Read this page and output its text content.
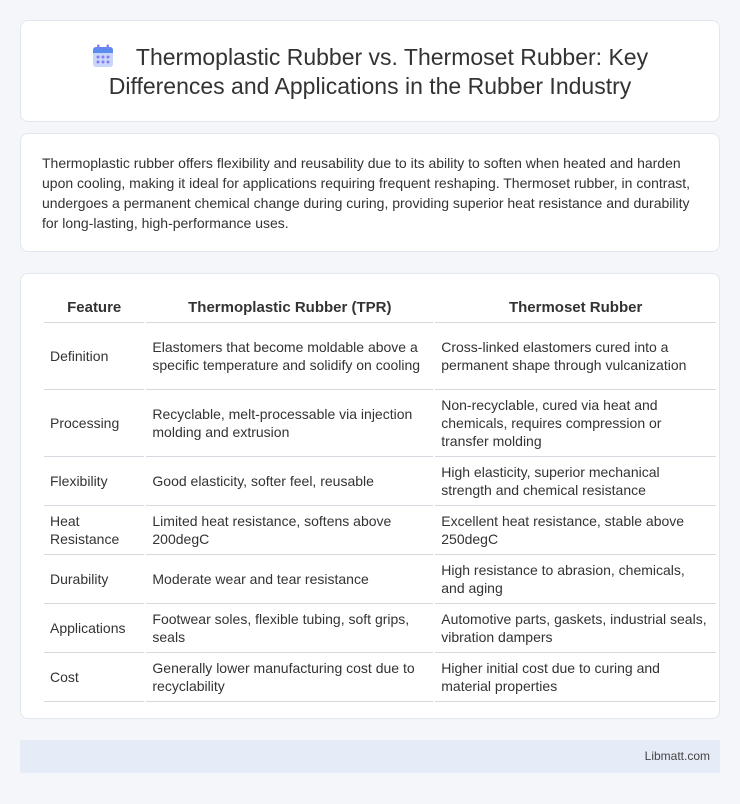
Thermoplastic Rubber vs. Thermoset Rubber: Key
Differences and Applications in the Rubber Industry

Thermoplastic rubber offers flexibility and reusability due to its ability to soften when heated and harden upon cooling, making it ideal for applications requiring frequent reshaping. Thermoset rubber, in contrast, undergoes a permanent chemical change during curing, providing superior heat resistance and durability for long-lasting, high-performance uses.

Feature	Thermoplastic Rubber (TPR)	Thermoset Rubber
Definition	Elastomers that become moldable above a specific temperature and solidify on cooling	Cross-linked elastomers cured into a permanent shape through vulcanization
Processing	Recyclable, melt-processable via injection molding and extrusion	Non-recyclable, cured via heat and chemicals, requires compression or transfer molding
Flexibility	Good elasticity, softer feel, reusable	High elasticity, superior mechanical strength and chemical resistance
Heat Resistance	Limited heat resistance, softens above 200degC	Excellent heat resistance, stable above 250degC
Durability	Moderate wear and tear resistance	High resistance to abrasion, chemicals, and aging
Applications	Footwear soles, flexible tubing, soft grips, seals	Automotive parts, gaskets, industrial seals, vibration dampers
Cost	Generally lower manufacturing cost due to recyclability	Higher initial cost due to curing and material properties
Libmatt.com
